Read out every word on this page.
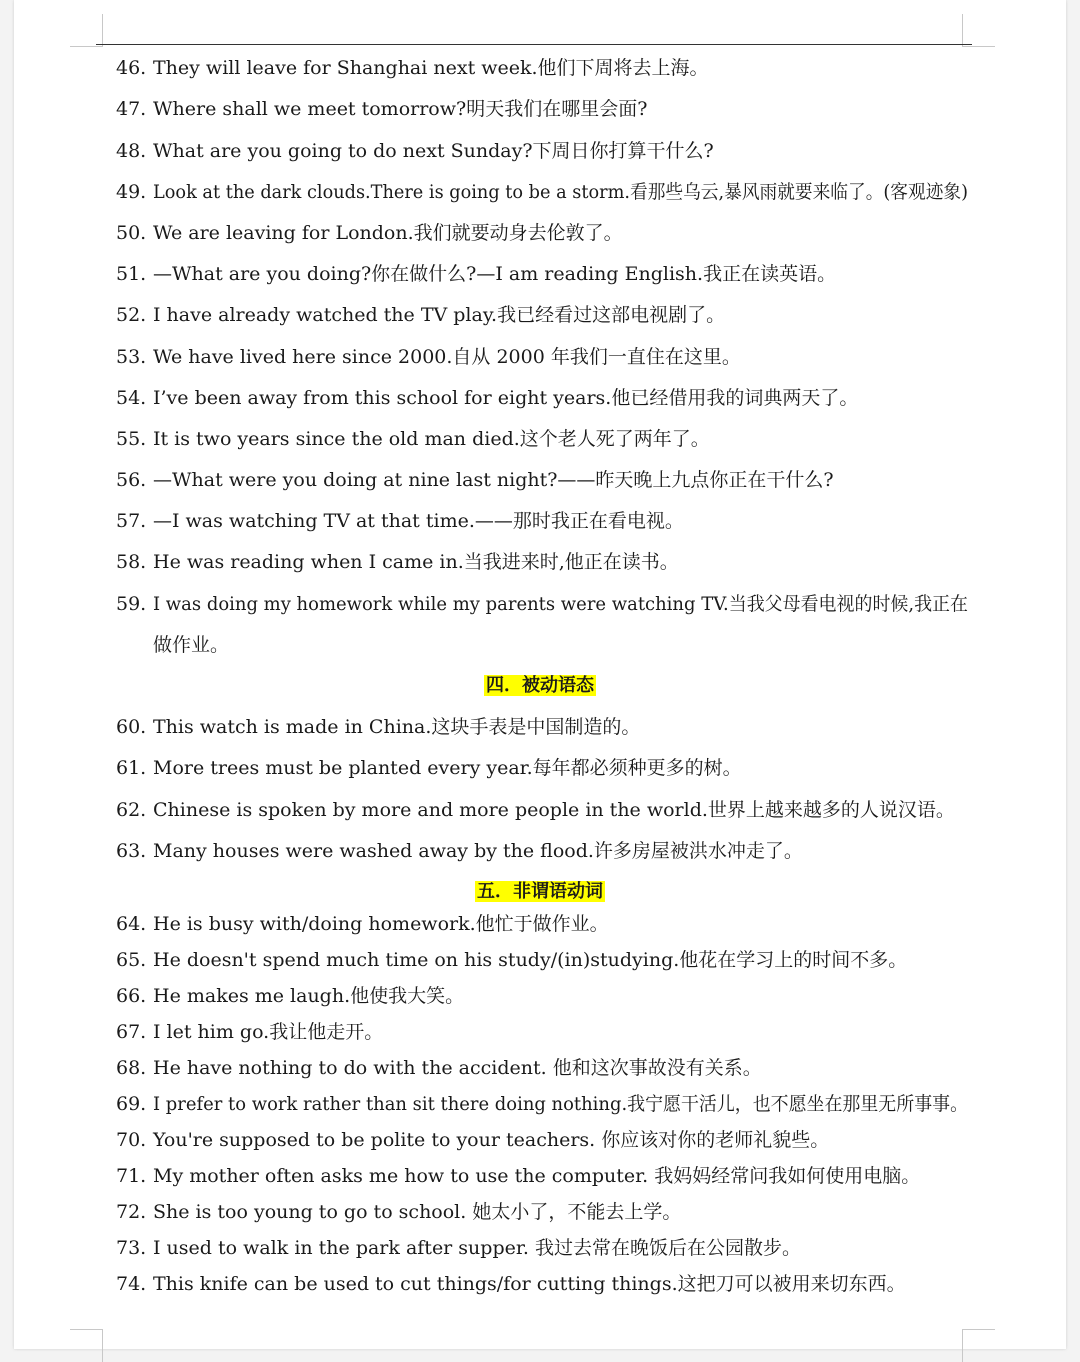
46. They will leave for Shanghai next week.他们下周将去上海。
47. Where shall we meet tomorrow?明天我们在哪里会面?
48. What are you going to do next Sunday?下周日你打算干什么?
49. Look at the dark clouds.There is going to be a storm.看那些乌云,暴风雨就要来临了。(客观迹象)
50. We are leaving for London.我们就要动身去伦敦了。
51. —What are you doing?你在做什么?—I am reading English.我正在读英语。
52. I have already watched the TV play.我已经看过这部电视剧了。
53. We have lived here since 2000.自从 2000 年我们一直住在这里。
54. I’ve been away from this school for eight years.他已经借用我的词典两天了。
55. It is two years since the old man died.这个老人死了两年了。
56. —What were you doing at nine last night?——昨天晚上九点你正在干什么?
57. —I was watching TV at that time.——那时我正在看电视。
58. He was reading when I came in.当我进来时,他正在读书。
59. I was doing my homework while my parents were watching TV.当我父母看电视的时候,我正在
做作业。
四．被动语态
60. This watch is made in China.这块手表是中国制造的。
61. More trees must be planted every year.每年都必须种更多的树。
62. Chinese is spoken by more and more people in the world.世界上越来越多的人说汉语。
63. Many houses were washed away by the flood.许多房屋被洪水冲走了。
五．非谓语动词
64. He is busy with/doing homework.他忙于做作业。
65. He doesn't spend much time on his study/(in)studying.他花在学习上的时间不多。
66. He makes me laugh.他使我大笑。
67. I let him go.我让他走开。
68. He have nothing to do with the accident. 他和这次事故没有关系。
69. I prefer to work rather than sit there doing nothing.我宁愿干活儿，也不愿坐在那里无所事事。
70. You're supposed to be polite to your teachers. 你应该对你的老师礼貌些。
71. My mother often asks me how to use the computer. 我妈妈经常问我如何使用电脑。
72. She is too young to go to school. 她太小了，不能去上学。
73. I used to walk in the park after supper. 我过去常在晚饭后在公园散步。
74. This knife can be used to cut things/for cutting things.这把刀可以被用来切东西。
